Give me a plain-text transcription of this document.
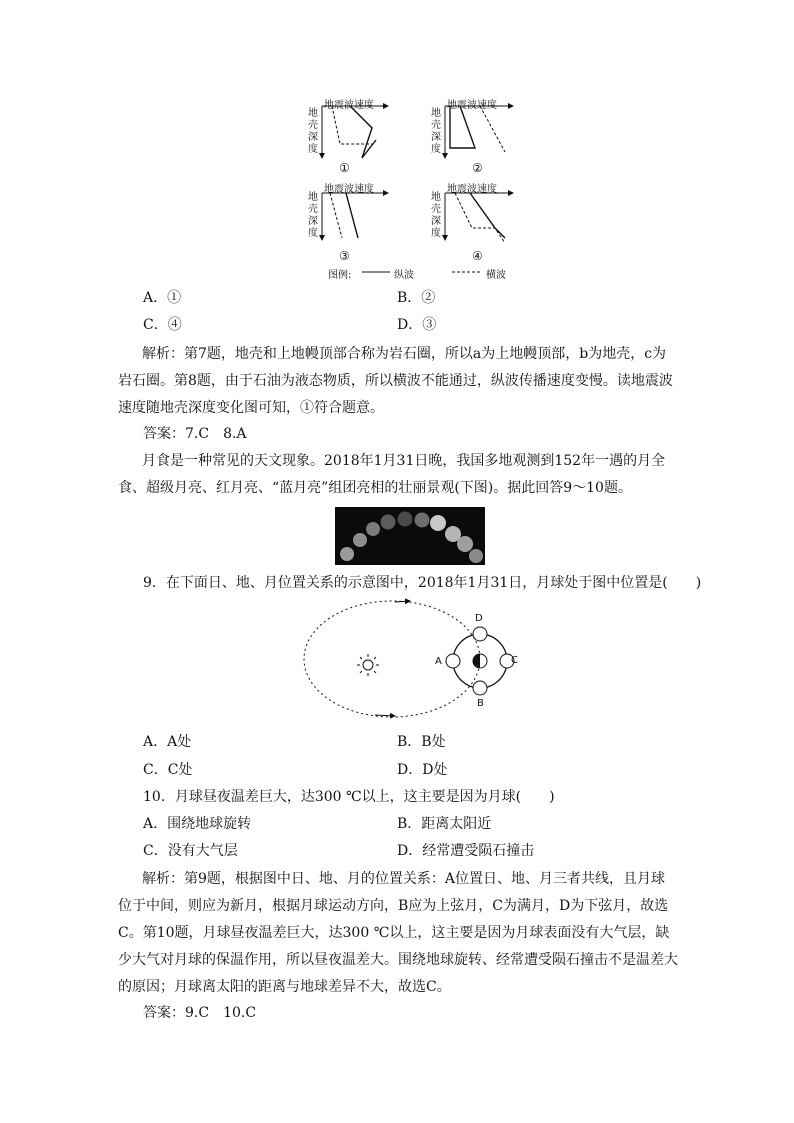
地震波速度	地震波速度
地震波速度	地震波速度
地
壳
深
度
地
壳
深
度
地
壳
深
度
地
壳
深
度
①	②
③	④
图例:	纵波	横波
A．①	B．②
C．④	D．③
解析：第7题，地壳和上地幔顶部合称为岩石圈，所以a为上地幔顶部，b为地壳，c为岩石圈。第8题，由于石油为液态物质，所以横波不能通过，纵波传播速度变慢。读地震波速度随地壳深度变化图可知，①符合题意。
答案：7.C　8.A
月食是一种常见的天文现象。2018年1月31日晚，我国多地观测到152年一遇的月全食、超级月亮、红月亮、“蓝月亮”组团亮相的壮丽景观(下图)。据此回答9～10题。
9．在下面日、地、月位置关系的示意图中，2018年1月31日，月球处于图中位置是(　　)
D
B
A	C
A．A处	B．B处
C．C处	D．D处
10．月球昼夜温差巨大，达300 ℃以上，这主要是因为月球(　　)
A．围绕地球旋转	B．距离太阳近
C．没有大气层	D．经常遭受陨石撞击
解析：第9题，根据图中日、地、月的位置关系：A位置日、地、月三者共线，且月球位于中间，则应为新月，根据月球运动方向，B应为上弦月，C为满月，D为下弦月，故选C。第10题，月球昼夜温差巨大，达300 ℃以上，这主要是因为月球表面没有大气层，缺少大气对月球的保温作用，所以昼夜温差大。围绕地球旋转、经常遭受陨石撞击不是温差大的原因；月球离太阳的距离与地球差异不大，故选C。
答案：9.C　10.C
